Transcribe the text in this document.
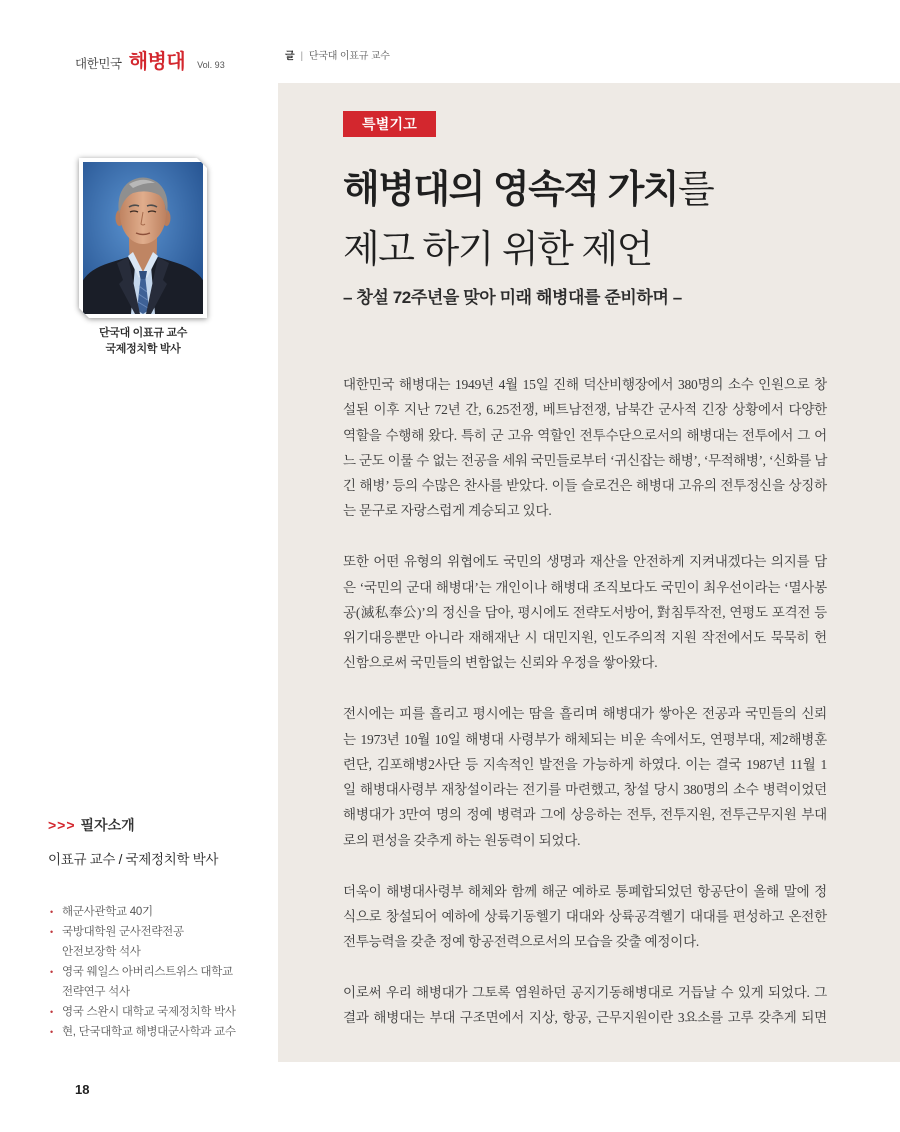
대한민국 해병대 Vol. 93
글 | 단국대 이표규 교수
특별기고
해병대의 영속적 가치를
제고 하기 위한 제언
– 창설 72주년을 맞아 미래 해병대를 준비하며 –
대한민국 해병대는 1949년 4월 15일 진해 덕산비행장에서 380명의 소수 인원으로 창
설된 이후 지난 72년 간, 6.25전쟁, 베트남전쟁, 남북간 군사적 긴장 상황에서 다양한
역할을 수행해 왔다. 특히 군 고유 역할인 전투수단으로서의 해병대는 전투에서 그 어
느 군도 이룰 수 없는 전공을 세워 국민들로부터 ‘귀신잡는 해병’, ‘무적해병’, ‘신화를 남
긴 해병’ 등의 수많은 찬사를 받았다. 이들 슬로건은 해병대 고유의 전투정신을 상징하
는 문구로 자랑스럽게 계승되고 있다.
또한 어떤 유형의 위협에도 국민의 생명과 재산을 안전하게 지켜내겠다는 의지를 담
은 ‘국민의 군대 해병대’는 개인이나 해병대 조직보다도 국민이 최우선이라는 ‘멸사봉
공(滅私奉公)’의 정신을 담아, 평시에도 전략도서방어, 對침투작전, 연평도 포격전 등
위기대응뿐만 아니라 재해재난 시 대민지원, 인도주의적 지원 작전에서도 묵묵히 헌
신함으로써 국민들의 변함없는 신뢰와 우정을 쌓아왔다.
전시에는 피를 흘리고 평시에는 땀을 흘리며 해병대가 쌓아온 전공과 국민들의 신뢰
는 1973년 10월 10일 해병대 사령부가 해체되는 비운 속에서도, 연평부대, 제2해병훈
련단, 김포해병2사단 등 지속적인 발전을 가능하게 하였다. 이는 결국 1987년 11월 1
일 해병대사령부 재창설이라는 전기를 마련했고, 창설 당시 380명의 소수 병력이었던
해병대가 3만여 명의 정예 병력과 그에 상응하는 전투, 전투지원, 전투근무지원 부대
로의 편성을 갖추게 하는 원동력이 되었다.
더욱이 해병대사령부 해체와 함께 해군 예하로 통폐합되었던 항공단이 올해 말에 정
식으로 창설되어 예하에 상륙기동헬기 대대와 상륙공격헬기 대대를 편성하고 온전한
전투능력을 갖춘 정예 항공전력으로서의 모습을 갖출 예정이다.
이로써 우리 해병대가 그토록 염원하던 공지기동해병대로 거듭날 수 있게 되었다. 그
결과 해병대는 부대 구조면에서 지상, 항공, 근무지원이란 3요소를 고루 갖추게 되면
단국대 이표규 교수
국제정치학 박사
>>> 필자소개
이표규 교수 / 국제정치학 박사
• 해군사관학교 40기
• 국방대학원 군사전략전공
안전보장학 석사
• 영국 웨일스 아버리스트위스 대학교
전략연구 석사
• 영국 스완시 대학교 국제정치학 박사
• 현, 단국대학교 해병대군사학과 교수
18
